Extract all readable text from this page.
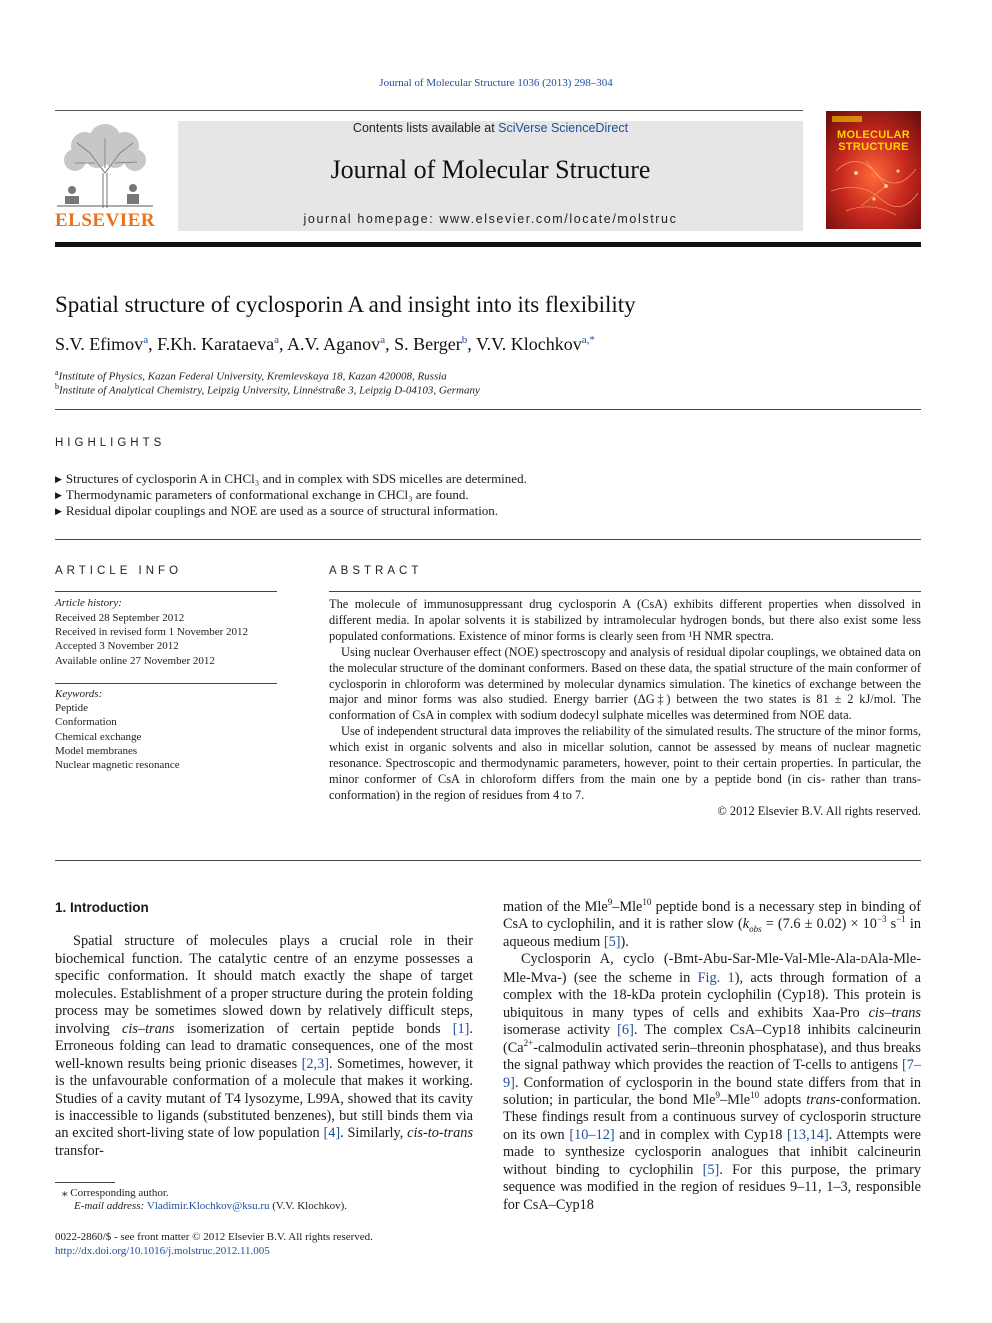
Journal of Molecular Structure 1036 (2013) 298–304
ELSEVIER
Contents lists available at SciVerse ScienceDirect
Journal of Molecular Structure
journal homepage: www.elsevier.com/locate/molstruc
MOLECULAR
STRUCTURE
Spatial structure of cyclosporin A and insight into its flexibility
S.V. Efimov$^a$, F.Kh. Karataeva$^a$, A.V. Aganov$^a$, S. Berger$^b$, V.V. Klochkov$^{a,*}$
$^a$Institute of Physics, Kazan Federal University, Kremlevskaya 18, Kazan 420008, Russia
$^b$Institute of Analytical Chemistry, Leipzig University, Linnéstraße 3, Leipzig D-04103, Germany
HIGHLIGHTS
▶ Structures of cyclosporin A in CHCl₃ and in complex with SDS micelles are determined.
▶ Thermodynamic parameters of conformational exchange in CHCl₃ are found.
▶ Residual dipolar couplings and NOE are used as a source of structural information.
ARTICLE INFO
Article history:
Received 28 September 2012
Received in revised form 1 November 2012
Accepted 3 November 2012
Available online 27 November 2012
Keywords:
Peptide
Conformation
Chemical exchange
Model membranes
Nuclear magnetic resonance
ABSTRACT

The molecule of immunosuppressant drug cyclosporin A (CsA) exhibits different properties when dissolved in different media. In apolar solvents it is stabilized by intramolecular hydrogen bonds, but there also exist some less populated conformations. Existence of minor forms is clearly seen from ¹H NMR spectra.

Using nuclear Overhauser effect (NOE) spectroscopy and analysis of residual dipolar couplings, we obtained data on the molecular structure of the dominant conformers. Based on these data, the spatial structure of the main conformer of cyclosporin in chloroform was determined by molecular dynamics simulation. The kinetics of exchange between the major and minor forms was also studied. Energy barrier (ΔG‡) between the two states is 81 ± 2 kJ/mol. The conformation of CsA in complex with sodium dodecyl sulphate micelles was determined from NOE data.

Use of independent structural data improves the reliability of the simulated results. The structure of the minor forms, which exist in organic solvents and also in micellar solution, cannot be assessed by means of nuclear magnetic resonance. Spectroscopic and thermodynamic parameters, however, point to their certain properties. In particular, the minor conformer of CsA in chloroform differs from the main one by a peptide bond (in cis- rather than trans-conformation) in the region of residues from 4 to 7.

© 2012 Elsevier B.V. All rights reserved.

1. Introduction

Spatial structure of molecules plays a crucial role in their biochemical function. The catalytic centre of an enzyme possesses a specific conformation. It should match exactly the shape of target molecules. Establishment of a proper structure during the protein folding process may be sometimes slowed down by relatively difficult steps, involving cis–trans isomerization of certain peptide bonds [1]. Erroneous folding can lead to dramatic consequences, one of the most well-known results being prionic diseases [2,3]. Sometimes, however, it is the unfavourable conformation of a molecule that makes it working. Studies of a cavity mutant of T4 lysozyme, L99A, showed that its cavity is inaccessible to ligands (substituted benzenes), but still binds them via an excited short-living state of low population [4]. Similarly, cis-to-trans transfor-

mation of the Mle$^9$–Mle$^{10}$ peptide bond is a necessary step in binding of CsA to cyclophilin, and it is rather slow ($k_{obs} = (7.6 \pm 0.02) \times 10^{-3}$ $s^{-1}$ in aqueous medium [5]).

Cyclosporin A, cyclo (-Bmt-Abu-Sar-Mle-Val-Mle-Ala-DAla-Mle-Mle-Mva-) (see the scheme in Fig. 1), acts through formation of a complex with the 18-kDa protein cyclophilin (Cyp18). This protein is ubiquitous in many types of cells and exhibits Xaa-Pro cis–trans isomerase activity [6]. The complex CsA–Cyp18 inhibits calcineurin ($Ca^{2+}$-calmodulin activated serin–threonin phosphatase), and thus breaks the signal pathway which provides the reaction of T-cells to antigens [7–9]. Conformation of cyclosporin in the bound state differs from that in solution; in particular, the bond Mle$^9$–Mle$^{10}$ adopts trans-conformation. These findings result from a continuous survey of cyclosporin structure on its own [10–12] and in complex with Cyp18 [13,14]. Attempts were made to synthesize cyclosporin analogues that inhibit calcineurin without binding to cyclophilin [5]. For this purpose, the primary sequence was modified in the region of residues 9–11, 1–3, responsible for CsA–Cyp18

⁎ Corresponding author.
E-mail address: Vladimir.Klochkov@ksu.ru (V.V. Klochkov).
0022-2860/$ - see front matter © 2012 Elsevier B.V. All rights reserved.
http://dx.doi.org/10.1016/j.molstruc.2012.11.005
